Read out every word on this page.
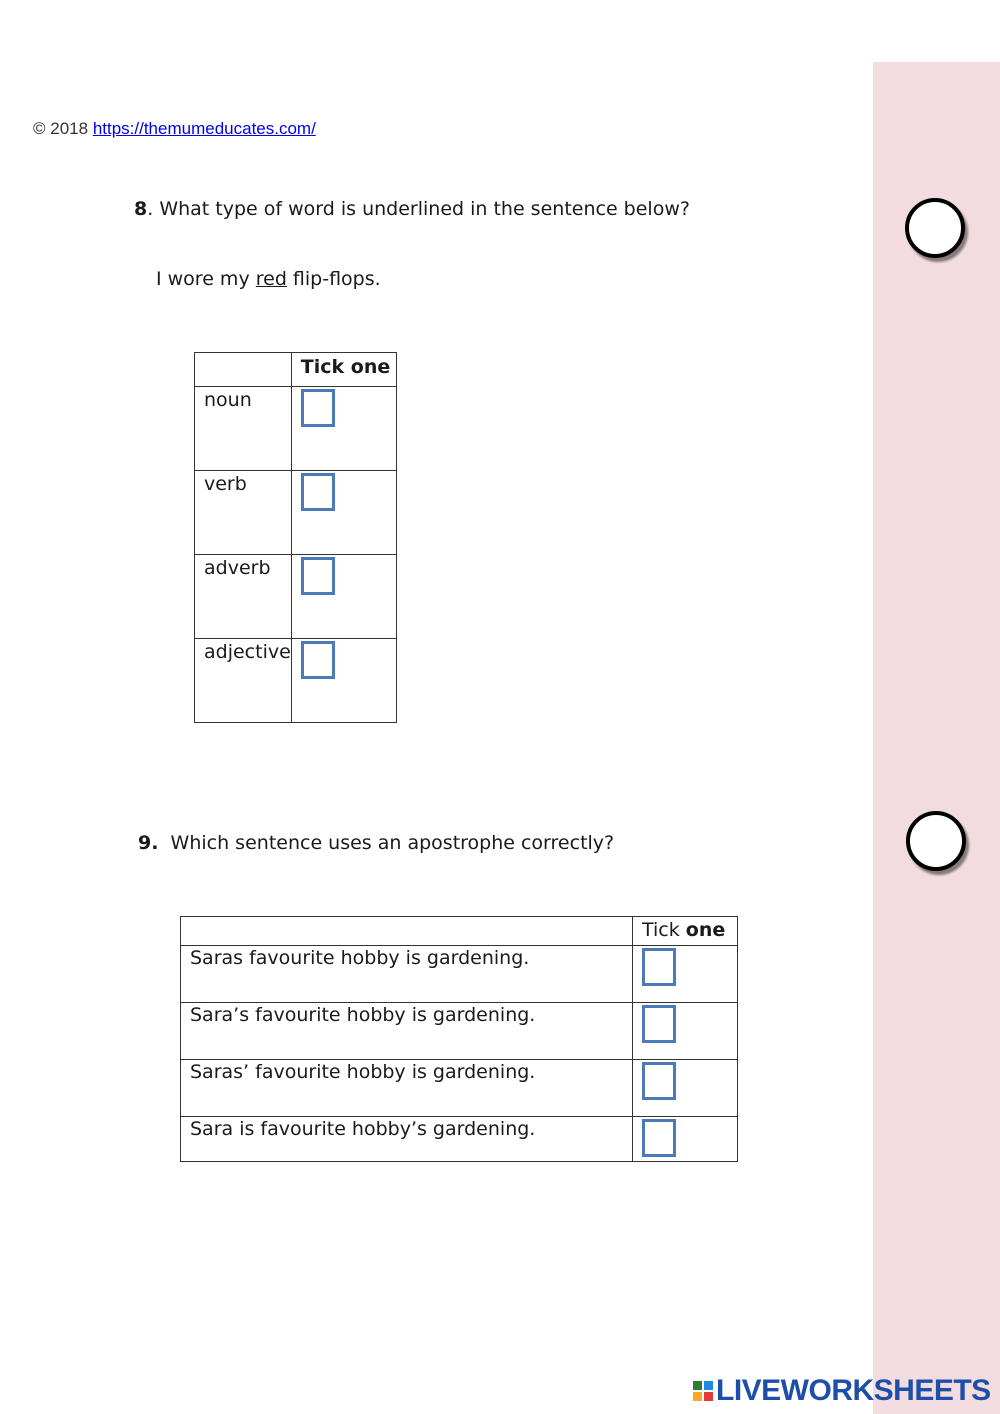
© 2018 https://themumeducates.com/
8. What type of word is underlined in the sentence below?
I wore my red flip-flops.
	Tick one
noun	

verb	

adverb	

adjective	
9. Which sentence uses an apostrophe correctly?
	Tick one
Saras favourite hobby is gardening.	

Sara’s favourite hobby is gardening.	

Saras’ favourite hobby is gardening.	

Sara is favourite hobby’s gardening.	
LIVEWORKSHEETS
